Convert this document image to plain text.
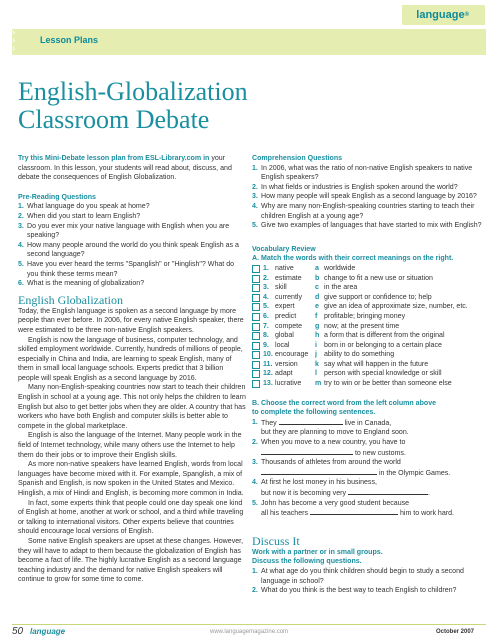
language®
Lesson Plans
›
›
›
›
English-Globalization
Classroom Debate

Try this Mini-Debate lesson plan from ESL-Library.com in your classroom. In this lesson, your students will read about, discuss, and debate the consequences of English Globalization.

Pre-Reading Questions
1. What language do you speak at home?
2. When did you start to learn English?
3. Do you ever mix your native language with English when you are speaking?
4. How many people around the world do you think speak English as a second language?
5. Have you ever heard the terms "Spanglish" or "Hinglish"? What do you think these terms mean?
6. What is the meaning of globalization?
English Globalization

Today, the English language is spoken as a second language by more people than ever before. In 2006, for every native English speaker, there were estimated to be three non-native English speakers.

English is now the language of business, computer technology, and skilled employment worldwide. Currently, hundreds of millions of people, especially in China and India, are learning to speak English, many of them in small local language schools. Experts predict that 3 billion people will speak English as a second language by 2016.

Many non-English-speaking countries now start to teach their children English in school at a young age. This not only helps the children to learn English but also to get better jobs when they are older. A country that has workers who have both English and computer skills is better able to compete in the global marketplace.

English is also the language of the Internet. Many people work in the field of Internet technology, while many others use the Internet to help them do their jobs or to improve their English skills.

As more non-native speakers have learned English, words from local languages have become mixed with it. For example, Spanglish, a mix of Spanish and English, is now spoken in the United States and Mexico. Hinglish, a mix of Hindi and English, is becoming more common in India.

In fact, some experts think that people could one day speak one kind of English at home, another at work or school, and a third while traveling or talking to international visitors. Other experts believe that countries should encourage local versions of English.

Some native English speakers are upset at these changes. However, they will have to adapt to them because the globalization of English has become a fact of life. The highly lucrative English as a second language teaching industry and the demand for native English speakers will continue to grow for some time to come.

Comprehension Questions
1. In 2006, what was the ratio of non-native English speakers to native English speakers?
2. In what fields or industries is English spoken around the world?
3. How many people will speak English as a second language by 2016?
4. Why are many non-English-speaking countries starting to teach their children English at a young age?
5. Give two examples of languages that have started to mix with English?
Vocabulary Review
A. Match the words with their correct meanings on the right.
1. native	a worldwide
2. estimate b change to fit a new use or situation
3. skill	c in the area
4. currently d give support or confidence to; help
5. expert	e give an idea of approximate size, number, etc.
6. predict	f profitable; bringing money
7. compete g now; at the present time
8. global	h a form that is different from the original
9. local	i born in or belonging to a certain place
10. encourage j ability to do something
11. version k say what will happen in the future
12. adapt	l person with special knowledge or skill
13. lucrative m try to win or be better than someone else
B. Choose the correct word from the left column above
to complete the following sentences.
1. They	live in Canada,
but they are planning to move to England soon.
2. When you move to a new country, you have to
to new customs.
3. Thousands of athletes from around the world
in the Olympic Games.
4. At first he lost money in his business,
but now it is becoming very	.
5. John has become a very good student because
all his teachers	him to work hard.
Discuss It
Work with a partner or in small groups.
Discuss the following questions.
1. At what age do you think children should begin to study a second language in school?
2. What do you think is the best way to teach English to children?
50 language	www.languagemagazine.com	October 2007
